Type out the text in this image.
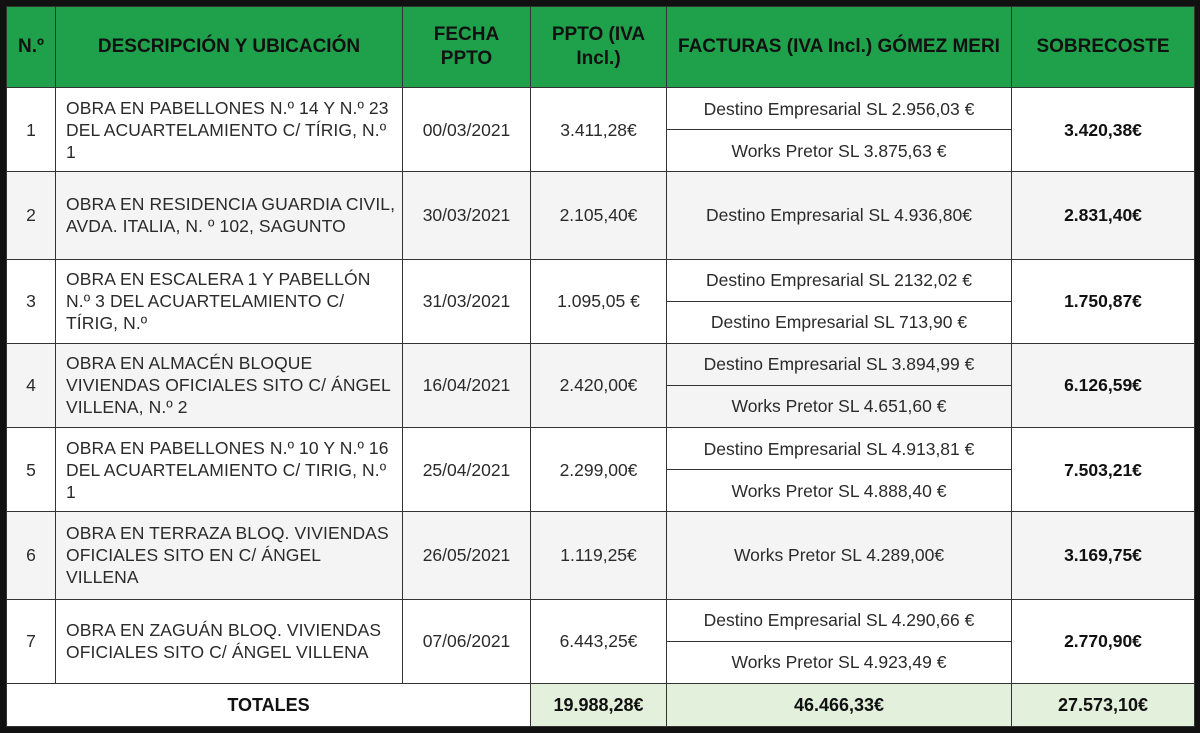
N.º	DESCRIPCIÓN Y UBICACIÓN	FECHA PPTO	PPTO (IVA Incl.)	FACTURAS (IVA Incl.) GÓMEZ MERI	SOBRECOSTE
1	OBRA EN PABELLONES N.º 14 Y N.º 23 DEL ACUARTELAMIENTO C/ TÍRIG, N.º 1	00/03/2021	3.411,28€	Destino Empresarial SL 2.956,03 €	3.420,38€
				Works Pretor SL 3.875,63 €	
2	OBRA EN RESIDENCIA GUARDIA CIVIL, AVDA. ITALIA, N. º 102, SAGUNTO	30/03/2021	2.105,40€	Destino Empresarial SL 4.936,80€	2.831,40€
3	OBRA EN ESCALERA 1 Y PABELLÓN N.º 3 DEL ACUARTELAMIENTO C/ TÍRIG, N.º	31/03/2021	1.095,05 €	Destino Empresarial SL 2132,02 €	1.750,87€
				Destino Empresarial SL 713,90 €	
4	OBRA EN ALMACÉN BLOQUE VIVIENDAS OFICIALES SITO C/ ÁNGEL VILLENA, N.º 2	16/04/2021	2.420,00€	Destino Empresarial SL 3.894,99 €	6.126,59€
				Works Pretor SL 4.651,60 €	
5	OBRA EN PABELLONES N.º 10 Y N.º 16 DEL ACUARTELAMIENTO C/ TIRIG, N.º 1	25/04/2021	2.299,00€	Destino Empresarial SL 4.913,81 €	7.503,21€
				Works Pretor SL 4.888,40 €	
6	OBRA EN TERRAZA BLOQ. VIVIENDAS OFICIALES SITO EN C/ ÁNGEL VILLENA	26/05/2021	1.119,25€	Works Pretor SL 4.289,00€	3.169,75€
7	OBRA EN ZAGUÁN BLOQ. VIVIENDAS OFICIALES SITO C/ ÁNGEL VILLENA	07/06/2021	6.443,25€	Destino Empresarial SL 4.290,66 €	2.770,90€
				Works Pretor SL 4.923,49 €	
TOTALES			19.988,28€	46.466,33€	27.573,10€
